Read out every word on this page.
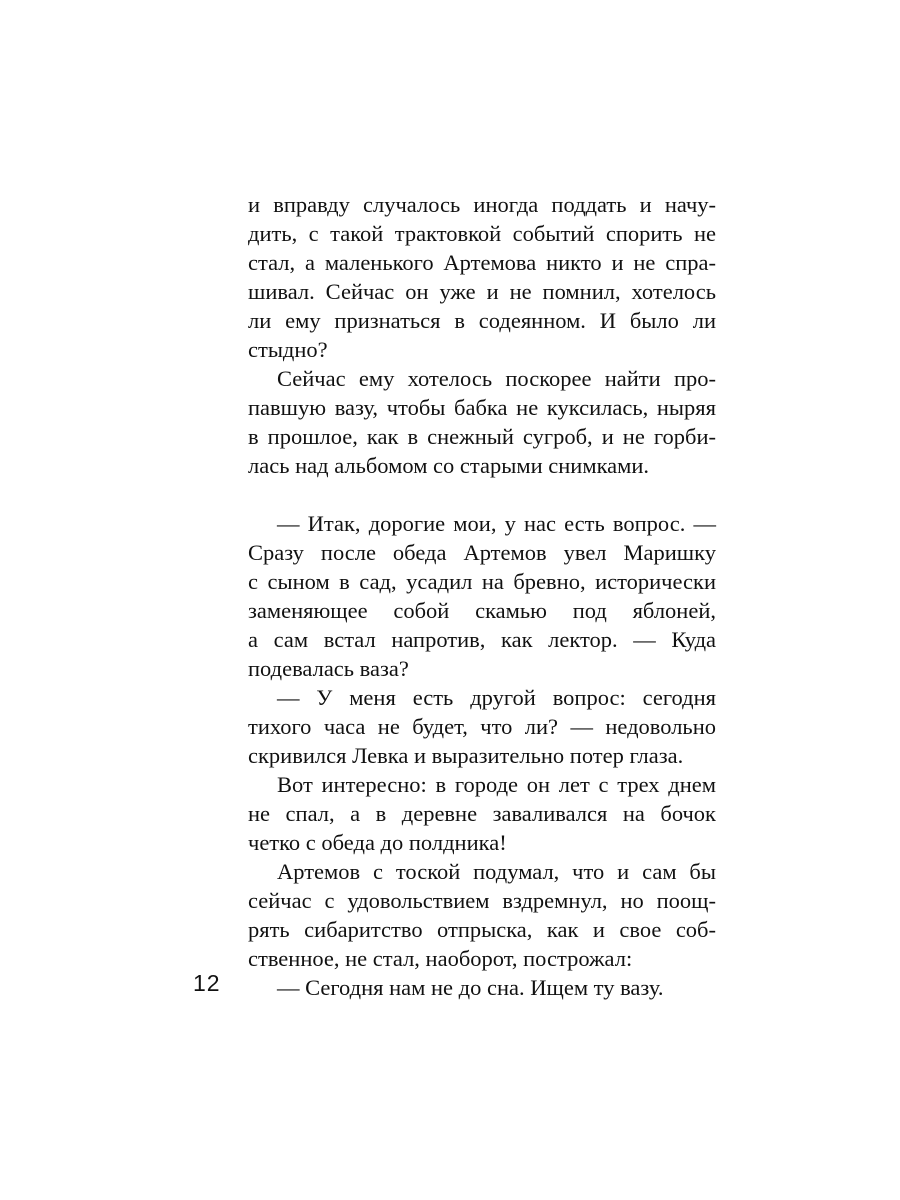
и вправду случалось иногда поддать и начу-
дить, с такой трактовкой событий спорить не
стал, а маленького Артемова никто и не спра-
шивал. Сейчас он уже и не помнил, хотелось
ли ему признаться в содеянном. И было ли
стыдно?
Сейчас ему хотелось поскорее найти про-
павшую вазу, чтобы бабка не куксилась, ныряя
в прошлое, как в снежный сугроб, и не горби-
лась над альбомом со старыми снимками.
— Итак, дорогие мои, у нас есть вопрос. —
Сразу после обеда Артемов увел Маришку
с сыном в сад, усадил на бревно, исторически
заменяющее собой скамью под яблоней,
а сам встал напротив, как лектор. — Куда
подевалась ваза?
— У меня есть другой вопрос: сегодня
тихого часа не будет, что ли? — недовольно
скривился Левка и выразительно потер глаза.
Вот интересно: в городе он лет с трех днем
не спал, а в деревне заваливался на бочок
четко с обеда до полдника!
Артемов с тоской подумал, что и сам бы
сейчас с удовольствием вздремнул, но поощ-
рять сибаритство отпрыска, как и свое соб-
ственное, не стал, наоборот, построжал:
— Сегодня нам не до сна. Ищем ту вазу.
12
